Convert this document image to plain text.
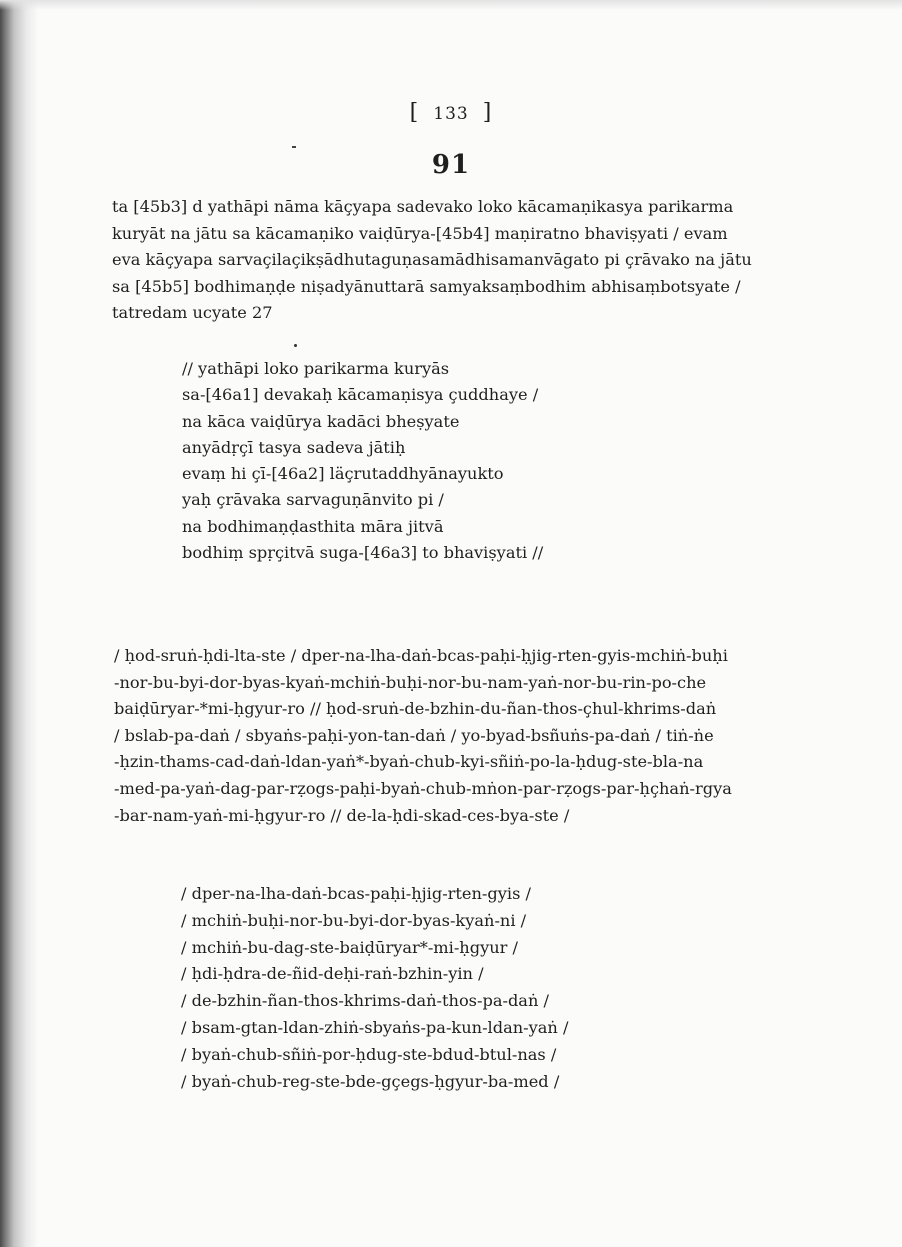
[ 133 ]
91
ta [45b3] d yathāpi nāma kāçyapa sadevako loko kācamaṇikasya parikarma
kuryāt na jātu sa kācamaṇiko vaiḍūrya-[45b4] maṇiratno bhaviṣyati / evam
eva kāçyapa sarvaçilaçikṣādhutaguṇasamādhisamanvāgato pi çrāvako na jātu
sa [45b5] bodhimaṇḍe niṣadyānuttarā samyaksaṃbodhim abhisaṃbotsyate /
tatredam ucyate 27
// yathāpi loko parikarma kuryās
sa-[46a1] devakaḥ kācamaṇisya çuddhaye /
na kāca vaiḍūrya kadāci bheṣyate
anyādṛçī tasya sadeva jātiḥ
evaṃ hi çī-[46a2] läçrutaddhyānayukto
yaḥ çrāvaka sarvaguṇānvito pi /
na bodhimaṇḍasthita māra jitvā
bodhiṃ spṛçitvā suga-[46a3] to bhaviṣyati //
/ ḥod-sruṅ-ḥdi-lta-ste / dper-na-lha-daṅ-bcas-paḥi-ḥjig-rten-gyis-mchiṅ-buḥi
-nor-bu-byi-dor-byas-kyaṅ-mchiṅ-buḥi-nor-bu-nam-yaṅ-nor-bu-rin-po-che
baiḍūryar-*mi-ḥgyur-ro // ḥod-sruṅ-de-bzhin-du-ñan-thos-çhul-khrims-daṅ
/ bslab-pa-daṅ / sbyaṅs-paḥi-yon-tan-daṅ / yo-byad-bsñuṅs-pa-daṅ / tiṅ-ṅe
-ḥzin-thams-cad-daṅ-ldan-yaṅ*-byaṅ-chub-kyi-sñiṅ-po-la-ḥdug-ste-bla-na
-med-pa-yaṅ-dag-par-rẓogs-paḥi-byaṅ-chub-mṅon-par-rẓogs-par-ḥçhaṅ-rgya
-bar-nam-yaṅ-mi-ḥgyur-ro // de-la-ḥdi-skad-ces-bya-ste /
/ dper-na-lha-daṅ-bcas-paḥi-ḥjig-rten-gyis /
/ mchiṅ-buḥi-nor-bu-byi-dor-byas-kyaṅ-ni /
/ mchiṅ-bu-dag-ste-baiḍūryar*-mi-ḥgyur /
/ ḥdi-ḥdra-de-ñid-deḥi-raṅ-bzhin-yin /
/ de-bzhin-ñan-thos-khrims-daṅ-thos-pa-daṅ /
/ bsam-gtan-ldan-zhiṅ-sbyaṅs-pa-kun-ldan-yaṅ /
/ byaṅ-chub-sñiṅ-por-ḥdug-ste-bdud-btul-nas /
/ byaṅ-chub-reg-ste-bde-gçegs-ḥgyur-ba-med /
